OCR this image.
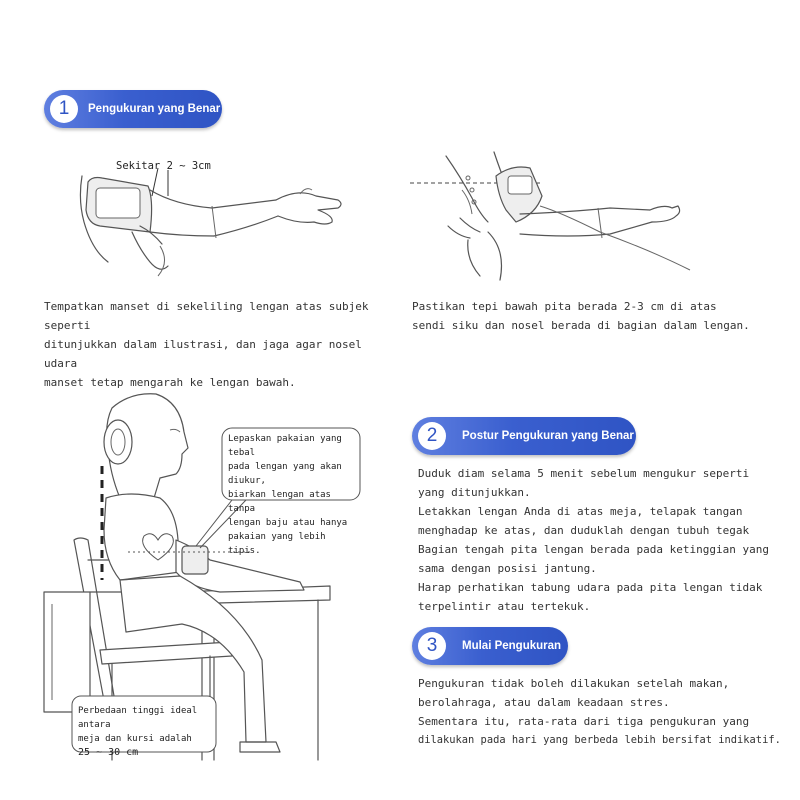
1	Pengukuran yang Benar
2	Postur Pengukuran yang Benar
3	Mulai Pengukuran
Sekitar 2 ~ 3cm

Tempatkan manset di sekeliling lengan atas subjek seperti

ditunjukkan dalam ilustrasi, dan jaga agar nosel udara

manset tetap mengarah ke lengan bawah.

Pastikan tepi bawah pita berada 2-3 cm di atas

sendi siku dan nosel berada di bagian dalam lengan.

Lepaskan pakaian yang tebal
pada lengan yang akan diukur,
biarkan lengan atas tanpa
lengan baju atau hanya
pakaian yang lebih tipis.
Perbedaan tinggi ideal antara
meja dan kursi adalah
25 ~ 30 cm

Duduk diam selama 5 menit sebelum mengukur seperti

yang ditunjukkan.

Letakkan lengan Anda di atas meja, telapak tangan

menghadap ke atas, dan duduklah dengan tubuh tegak

Bagian tengah pita lengan berada pada ketinggian yang

sama dengan posisi jantung.

Harap perhatikan tabung udara pada pita lengan tidak

terpelintir atau tertekuk.

Pengukuran tidak boleh dilakukan setelah makan,

berolahraga, atau dalam keadaan stres.

Sementara itu, rata-rata dari tiga pengukuran yang

dilakukan pada hari yang berbeda lebih bersifat indikatif.
